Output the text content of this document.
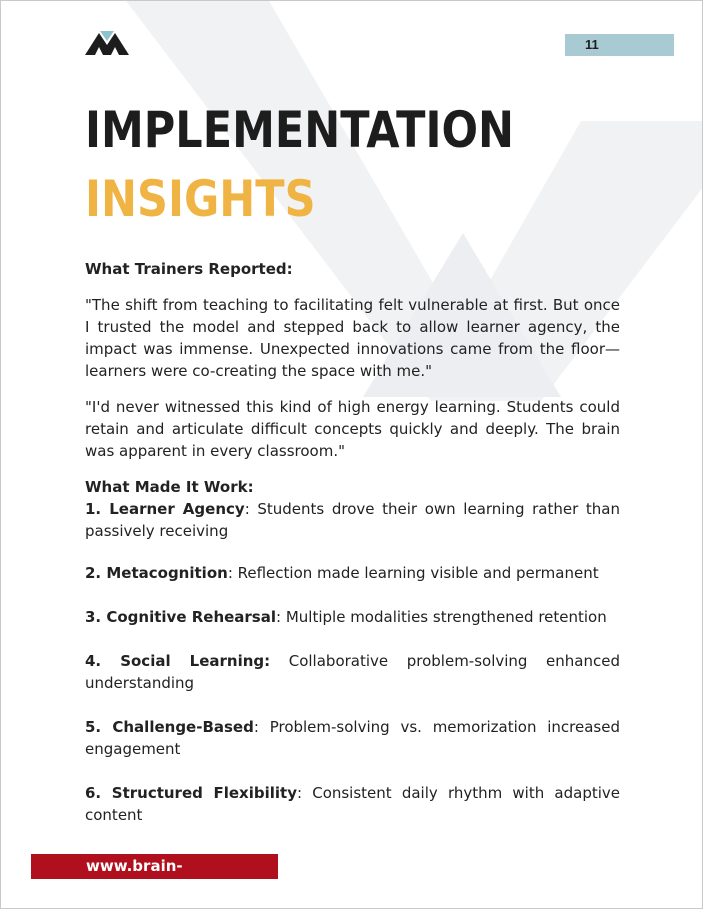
11
IMPLEMENTATION
INSIGHTS

What Trainers Reported:

"The shift from teaching to facilitating felt vulnerable at first. But once I trusted the model and stepped back to allow learner agency, the impact was immense. Unexpected innovations came from the floor—learners were co-creating the space with me."

"I'd never witnessed this kind of high energy learning. Students could retain and articulate difficult concepts quickly and deeply. The brain was apparent in every classroom."

What Made It Work:

1. Learner Agency: Students drove their own learning rather than passively receiving

2. Metacognition: Reflection made learning visible and permanent

3. Cognitive Rehearsal: Multiple modalities strengthened retention

4. Social Learning: Collaborative problem-solving enhanced understanding

5. Challenge-Based: Problem-solving vs. memorization increased engagement

6. Structured Flexibility: Consistent daily rhythm with adaptive content

www.brain-centric.com
